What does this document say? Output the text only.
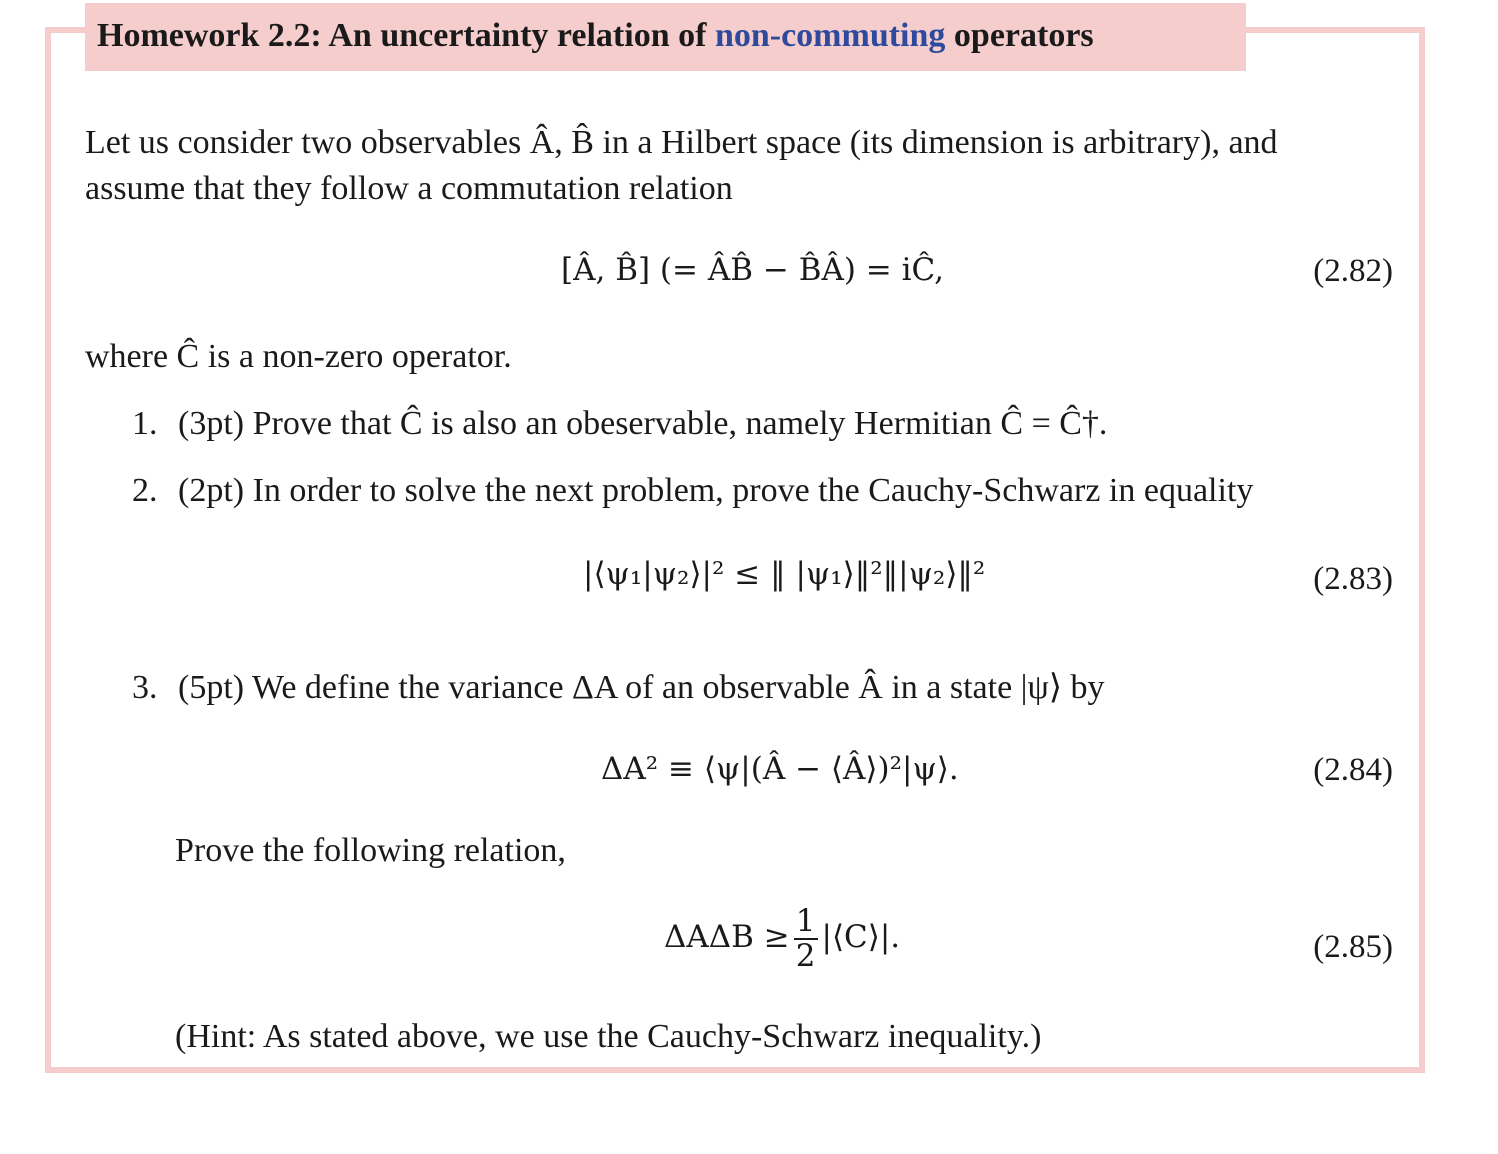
Homework 2.2: An uncertainty relation of non-commuting operators
Let us consider two observables Â, B̂ in a Hilbert space (its dimension is arbitrary), and
assume that they follow a commutation relation
[Â, B̂] (= ÂB̂ − B̂Â) = iĈ,	(2.82)
where Ĉ is a non-zero operator.
1. (3pt) Prove that Ĉ is also an obeservable, namely Hermitian Ĉ = Ĉ†.
2. (2pt) In order to solve the next problem, prove the Cauchy-Schwarz in equality
|⟨ψ₁|ψ₂⟩|² ≤ ‖ |ψ₁⟩‖²‖|ψ₂⟩‖²	(2.83)
3. (5pt) We define the variance ΔA of an observable Â in a state |ψ⟩ by
ΔA² ≡ ⟨ψ|(Â − ⟨Â⟩)²|ψ⟩.	(2.84)
Prove the following relation,
$\Delta A\Delta B \ge \frac{1}{2}$ |⟨C⟩|.	(2.85)
(Hint: As stated above, we use the Cauchy-Schwarz inequality.)
